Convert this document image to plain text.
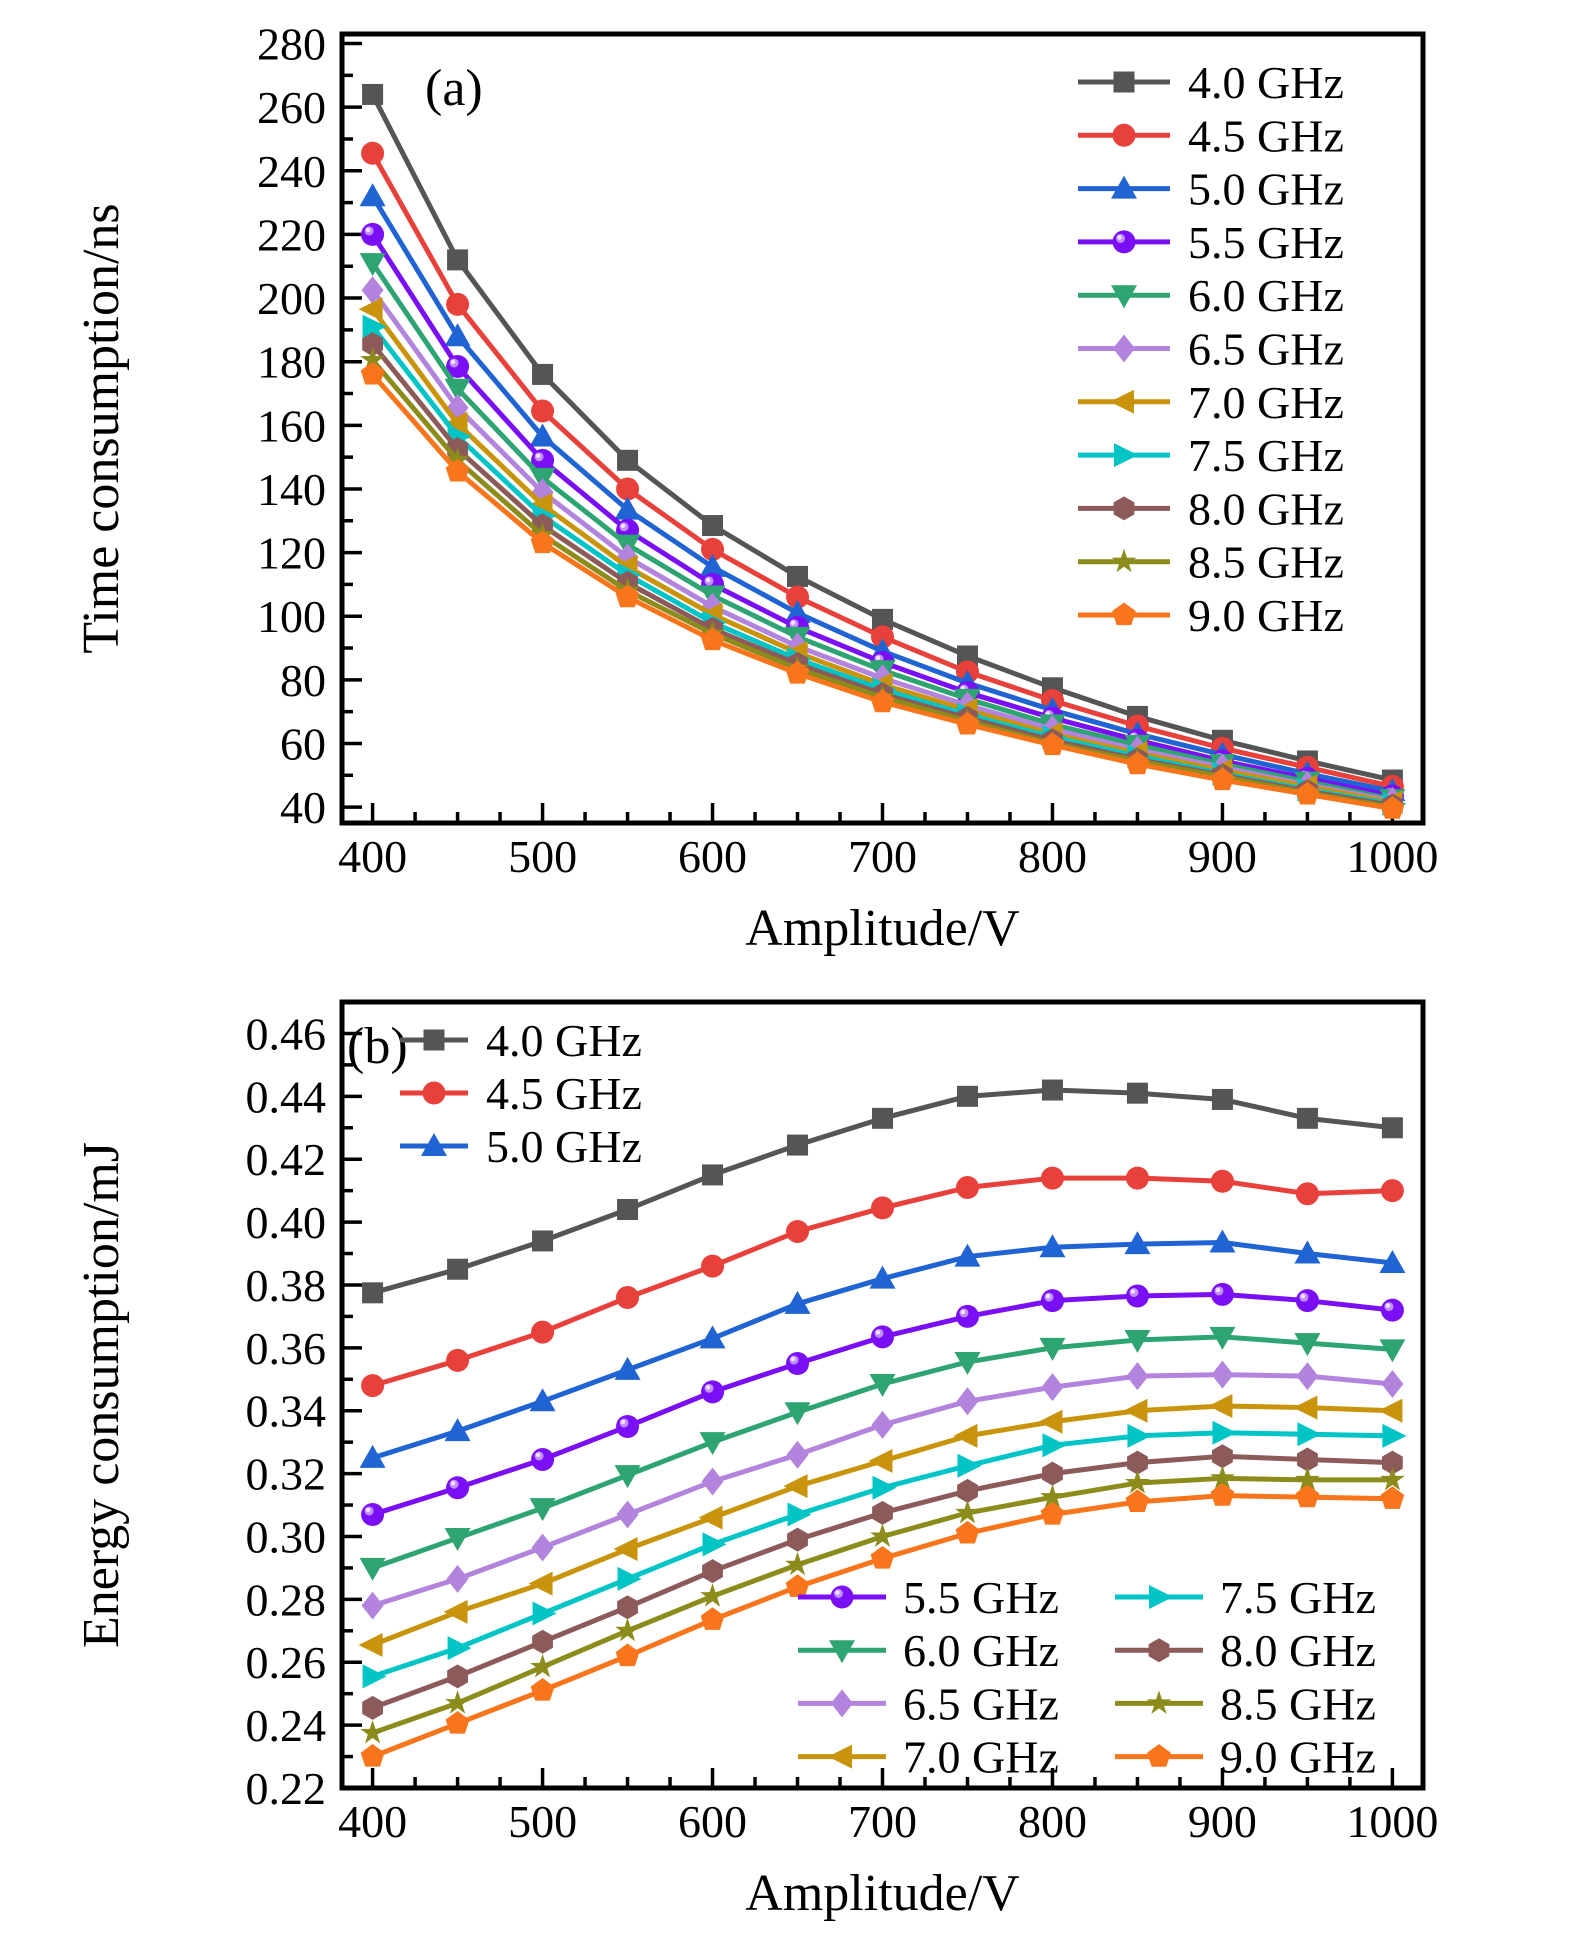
400 500 600 700 800 900 1000
40
60
80
100
120
140
160
180
200
220
240
260
280
Amplitude/V
Time consumption/ns
(a)	4.0 GHz
4.5 GHz
5.0 GHz
5.5 GHz
6.0 GHz
6.5 GHz
7.0 GHz
7.5 GHz
8.0 GHz
8.5 GHz
9.0 GHz
400 500 600 700 800 900 1000
0.22
0.24
0.26
0.28
0.30
0.32
0.34
0.36
0.38
0.40
0.42
0.44
0.46
Amplitude/V
Energy consumption/mJ
(b) 4.0 GHz
4.5 GHz
5.0 GHz
5.5 GHz
6.0 GHz
6.5 GHz
7.0 GHz
7.5 GHz
8.0 GHz
8.5 GHz
9.0 GHz
